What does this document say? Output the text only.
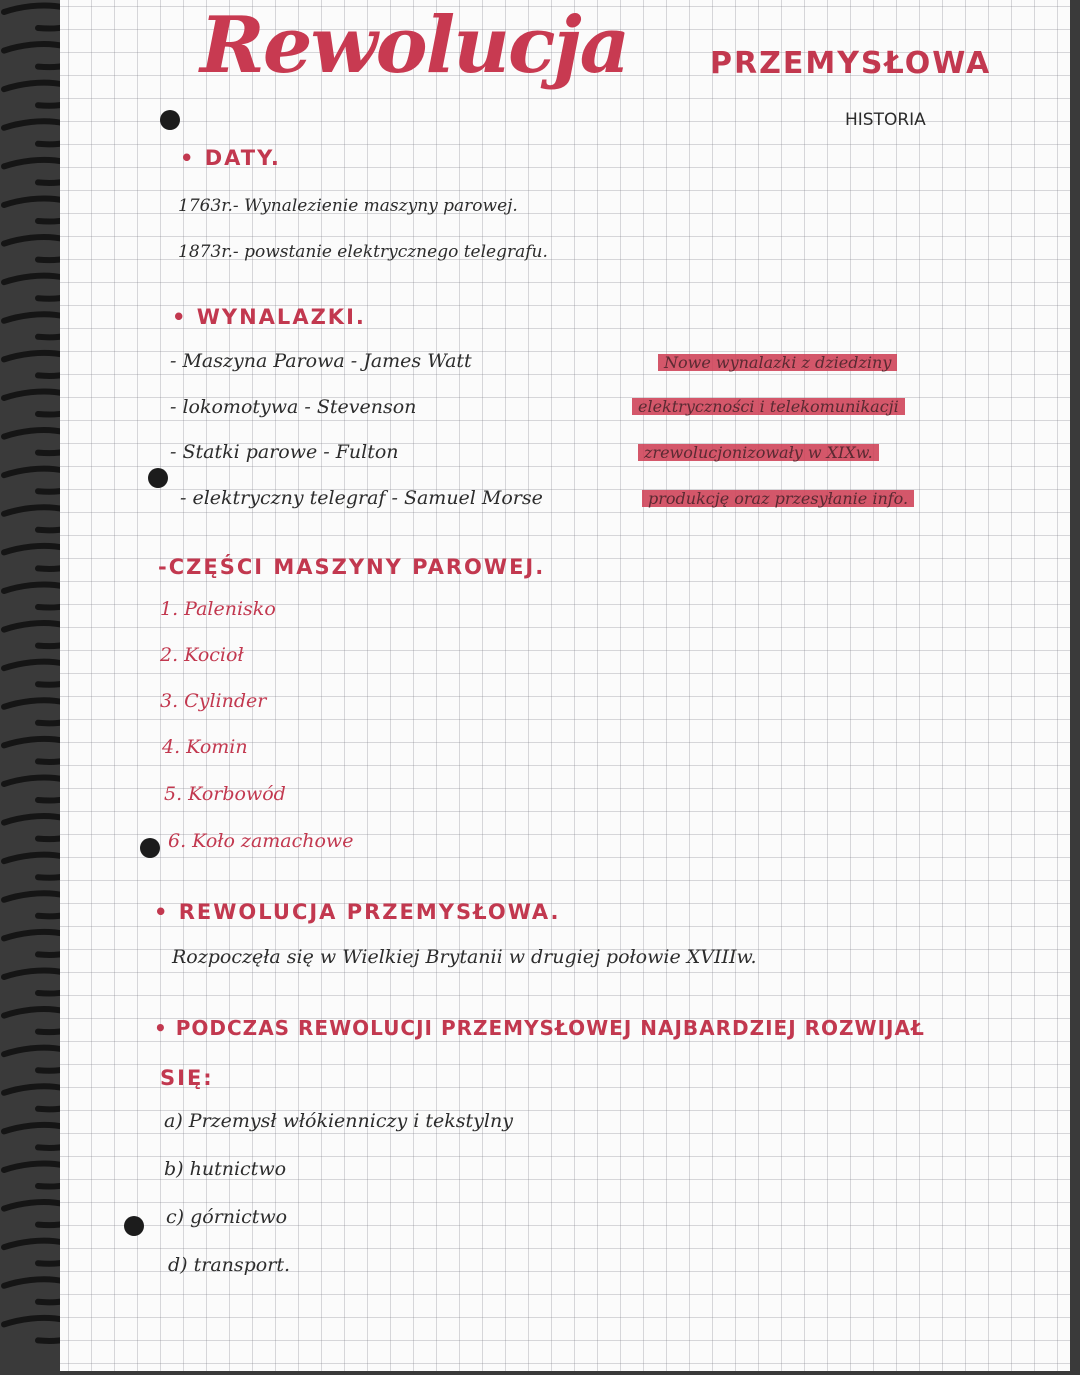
Rewolucja	PRZEMYSŁOWA
HISTORIA
• DATY.
1763r.- Wynalezienie maszyny parowej.
1873r.- powstanie elektrycznego telegrafu.
• WYNALAZKI.
- Maszyna Parowa - James Watt
- lokomotywa - Stevenson
- Statki parowe - Fulton
- elektryczny telegraf - Samuel Morse
Nowe wynalazki z dziedziny
elektryczności i telekomunikacji
zrewolucjonizowały w XIXw.
produkcję oraz przesyłanie info.
-CZĘŚCI MASZYNY PAROWEJ.
1. Palenisko
2. Kocioł
3. Cylinder
4. Komin
5. Korbowód
6. Koło zamachowe
• REWOLUCJA PRZEMYSŁOWA.
Rozpoczęła się w Wielkiej Brytanii w drugiej połowie XVIIIw.
• PODCZAS REWOLUCJI PRZEMYSŁOWEJ NAJBARDZIEJ ROZWIJAŁ
SIĘ:
a) Przemysł włókienniczy i tekstylny
b) hutnictwo
c) górnictwo
d) transport.
